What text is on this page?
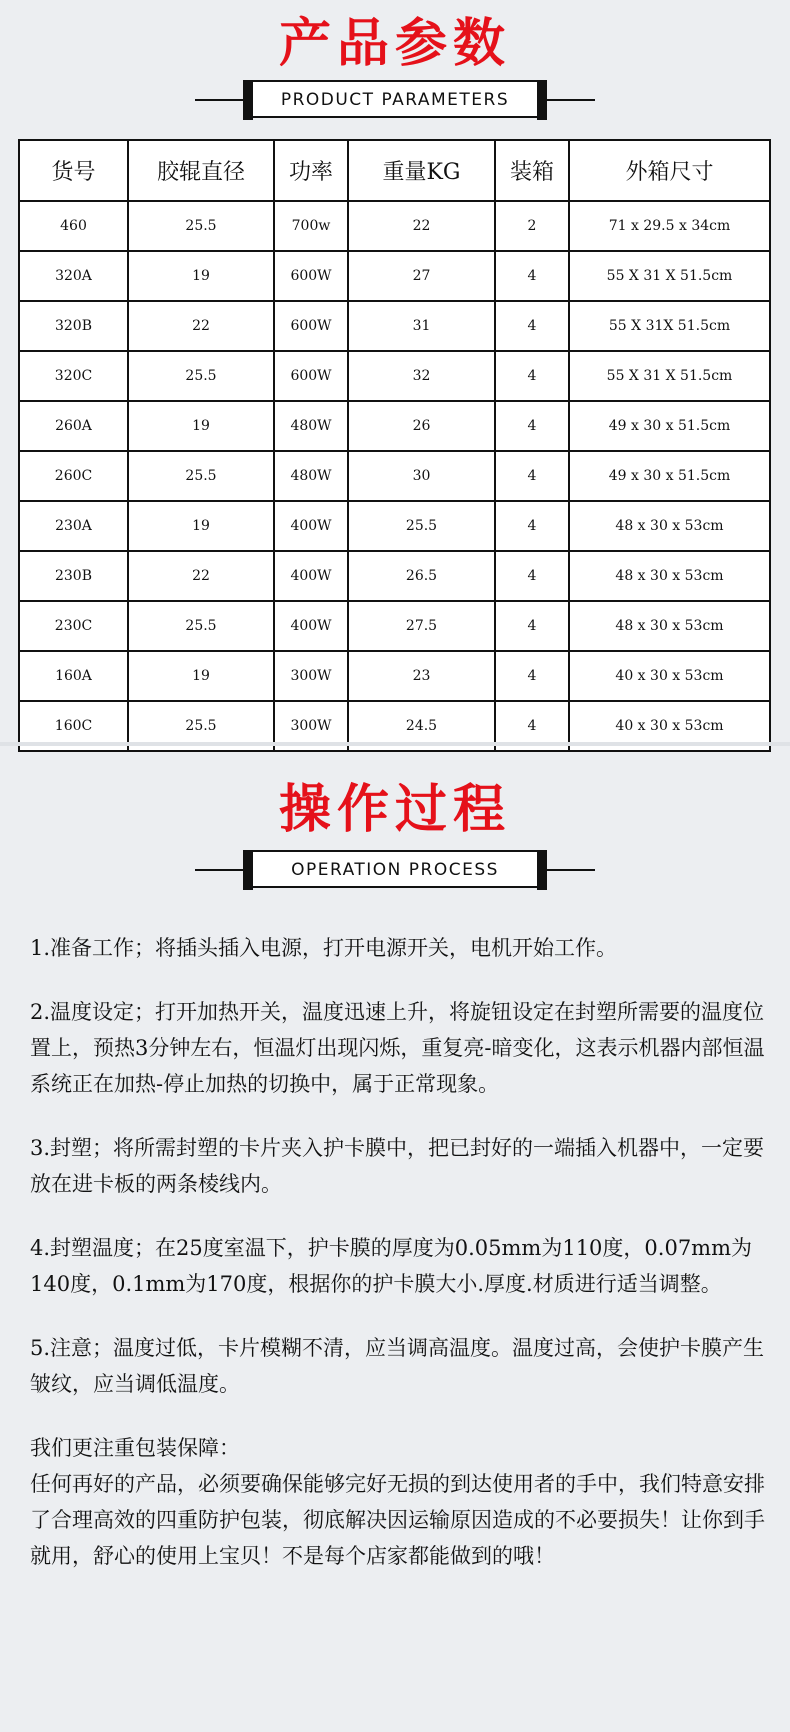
产品参数
PRODUCT PARAMETERS
货号	胶辊直径	功率	重量KG	装箱	外箱尺寸
460	25.5	700w	22	2	71 x 29.5 x 34cm
320A	19	600W	27	4	55 X 31 X 51.5cm
320B	22	600W	31	4	55 X 31X 51.5cm
320C	25.5	600W	32	4	55 X 31 X 51.5cm
260A	19	480W	26	4	49 x 30 x 51.5cm
260C	25.5	480W	30	4	49 x 30 x 51.5cm
230A	19	400W	25.5	4	48 x 30 x 53cm
230B	22	400W	26.5	4	48 x 30 x 53cm
230C	25.5	400W	27.5	4	48 x 30 x 53cm
160A	19	300W	23	4	40 x 30 x 53cm
160C	25.5	300W	24.5	4	40 x 30 x 53cm
操作过程
OPERATION PROCESS

1.准备工作；将插头插入电源，打开电源开关，电机开始工作。

2.温度设定；打开加热开关，温度迅速上升，将旋钮设定在封塑所需要的温度位置上，预热3分钟左右，恒温灯出现闪烁，重复亮-暗变化，这表示机器内部恒温系统正在加热-停止加热的切换中，属于正常现象。

3.封塑；将所需封塑的卡片夹入护卡膜中，把已封好的一端插入机器中，一定要放在进卡板的两条棱线内。

4.封塑温度；在25度室温下，护卡膜的厚度为0.05mm为110度，0.07mm为140度，0.1mm为170度，根据你的护卡膜大小.厚度.材质进行适当调整。

5.注意；温度过低，卡片模糊不清，应当调高温度。温度过高，会使护卡膜产生皱纹，应当调低温度。

我们更注重包装保障：

任何再好的产品，必须要确保能够完好无损的到达使用者的手中，我们特意安排了合理高效的四重防护包装，彻底解决因运输原因造成的不必要损失！让你到手就用，舒心的使用上宝贝！不是每个店家都能做到的哦！
